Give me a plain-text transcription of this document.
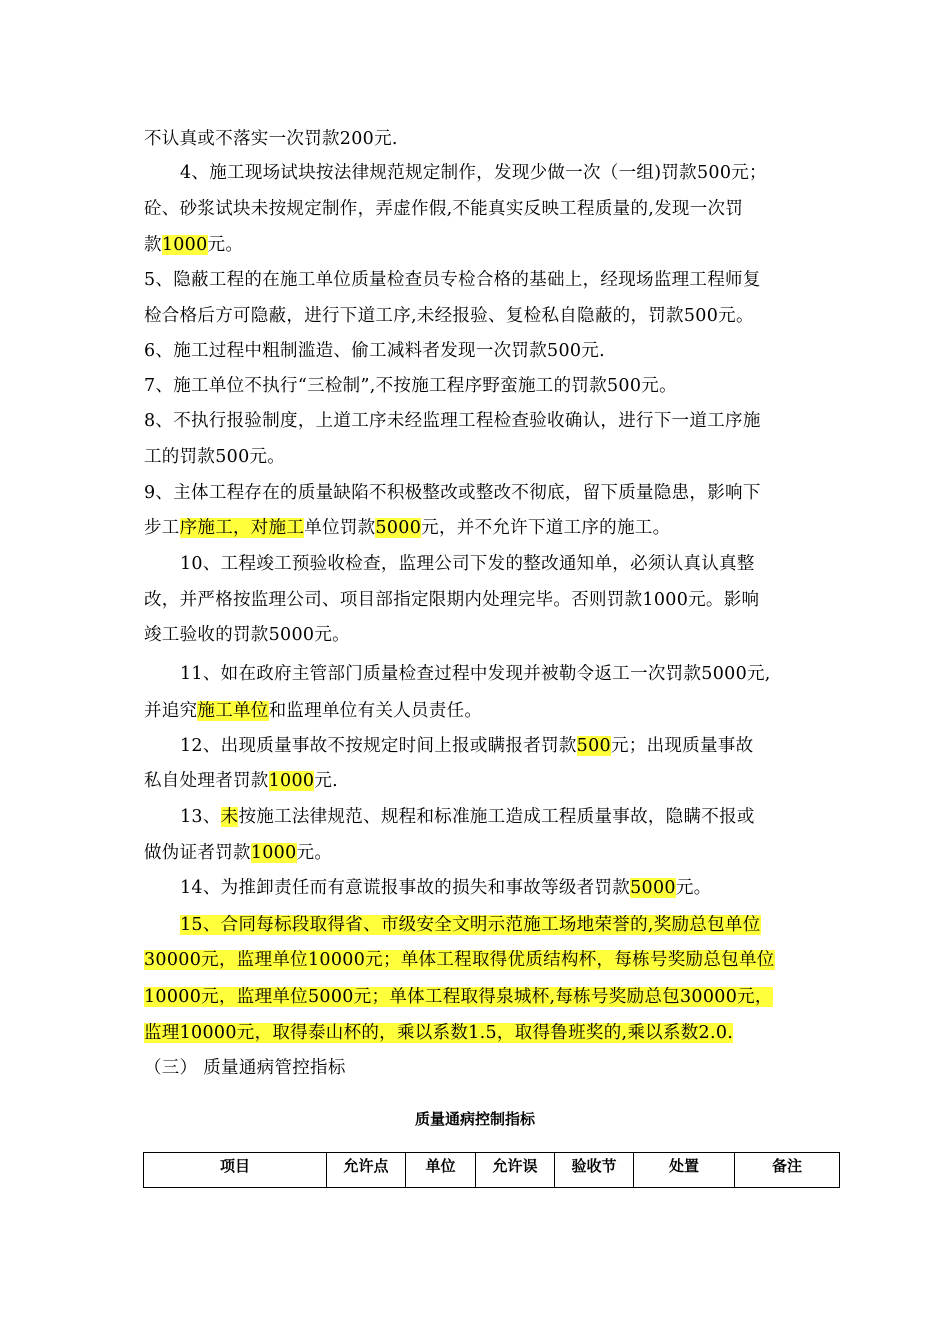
不认真或不落实一次罚款200元.
4、施工现场试块按法律规范规定制作，发现少做一次（一组)罚款500元；
砼、砂浆试块未按规定制作，弄虚作假,不能真实反映工程质量的,发现一次罚
款1000元。
5、隐蔽工程的在施工单位质量检查员专检合格的基础上，经现场监理工程师复
检合格后方可隐蔽，进行下道工序,未经报验、复检私自隐蔽的，罚款500元。
6、施工过程中粗制滥造、偷工减料者发现一次罚款500元.
7、施工单位不执行“三检制”,不按施工程序野蛮施工的罚款500元。
8、不执行报验制度，上道工序未经监理工程检查验收确认，进行下一道工序施
工的罚款500元。
9、主体工程存在的质量缺陷不积极整改或整改不彻底，留下质量隐患，影响下
步工序施工，对施工单位罚款5000元，并不允许下道工序的施工。
10、工程竣工预验收检查，监理公司下发的整改通知单，必须认真认真整
改，并严格按监理公司、项目部指定限期内处理完毕。否则罚款1000元。影响
竣工验收的罚款5000元。
11、如在政府主管部门质量检查过程中发现并被勒令返工一次罚款5000元,
并追究施工单位和监理单位有关人员责任。
12、出现质量事故不按规定时间上报或瞒报者罚款500元；出现质量事故
私自处理者罚款1000元.
13、未按施工法律规范、规程和标准施工造成工程质量事故，隐瞒不报或
做伪证者罚款1000元。
14、为推卸责任而有意谎报事故的损失和事故等级者罚款5000元。
15、合同每标段取得省、市级安全文明示范施工场地荣誉的,奖励总包单位
30000元，监理单位10000元；单体工程取得优质结构杯，每栋号奖励总包单位
10000元，监理单位5000元；单体工程取得泉城杯,每栋号奖励总包30000元，
监理10000元，取得泰山杯的，乘以系数1.5，取得鲁班奖的,乘以系数2.0.
（三） 质量通病管控指标
质量通病控制指标
项目	允许点	单位	允许误	验收节	处置	备注
